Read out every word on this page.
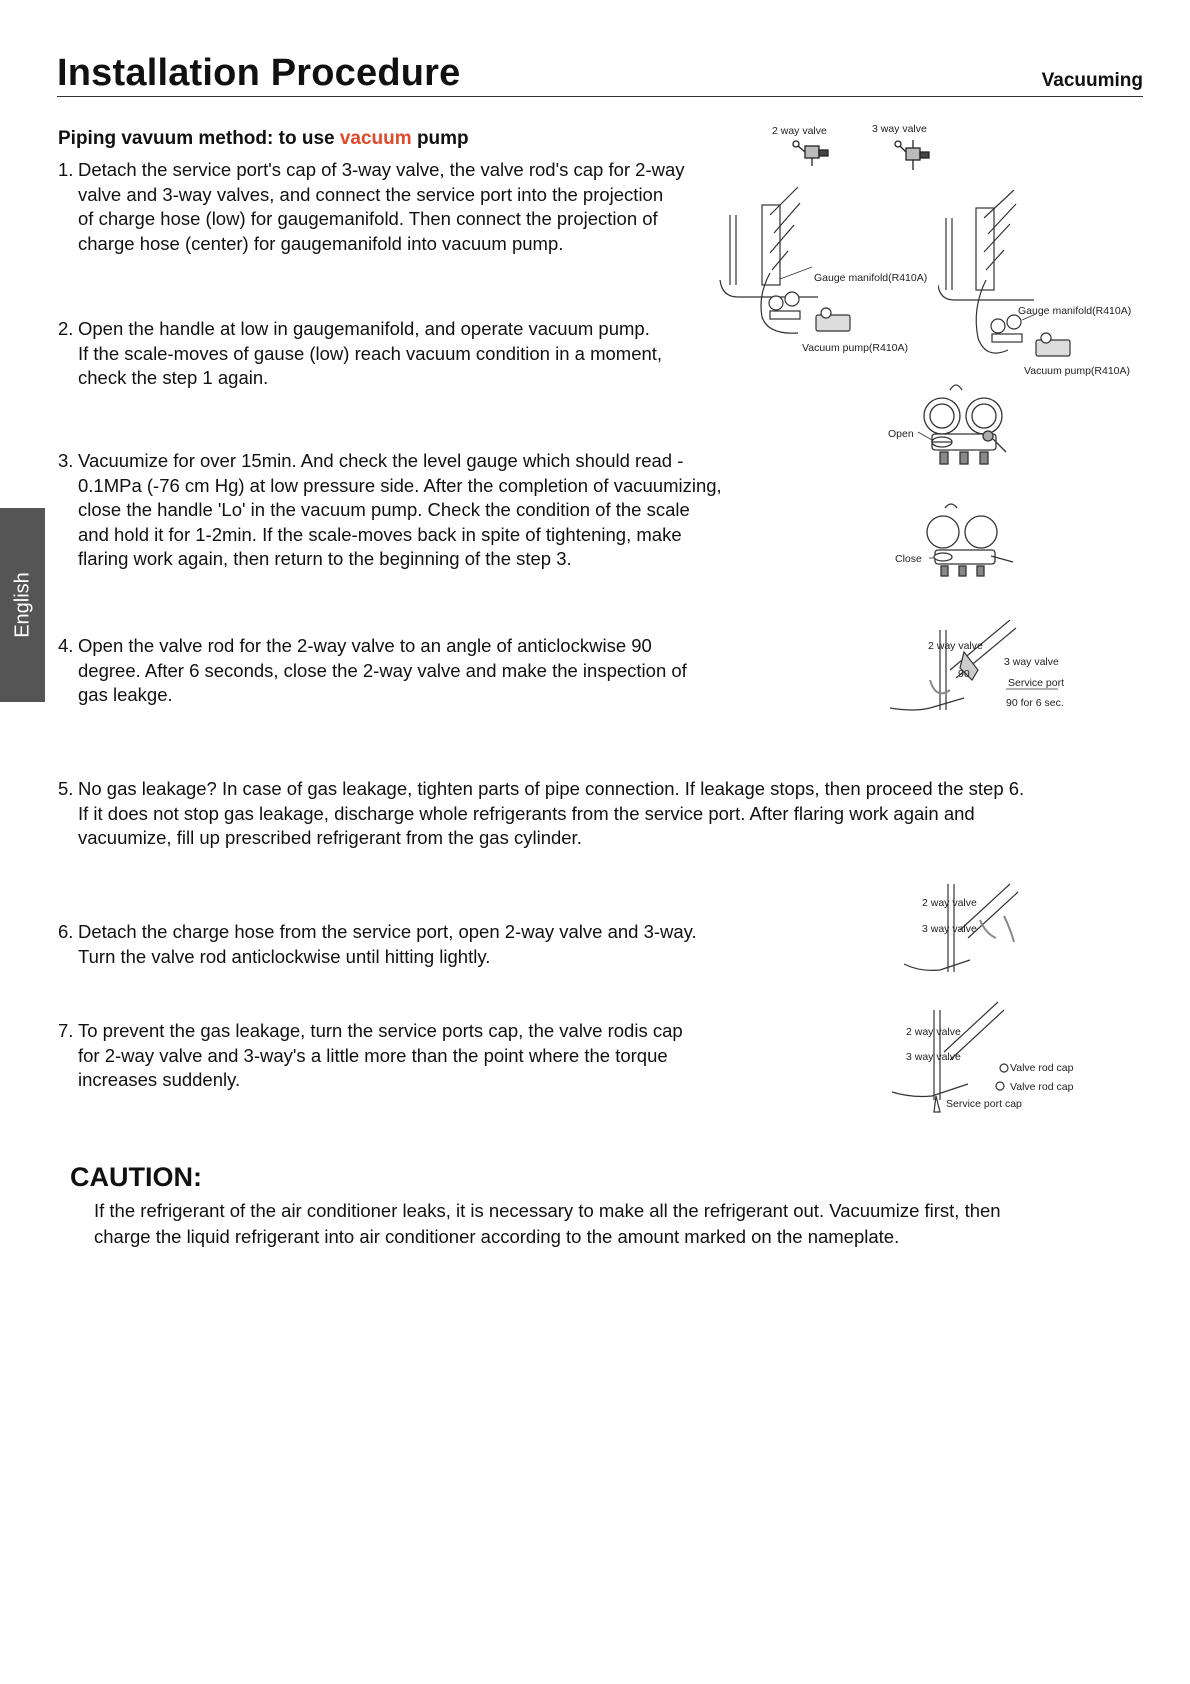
Installation Procedure	Vacuuming
English
Piping vavuum method: to use vacuum pump
1. Detach the service port's cap of 3-way valve, the valve rod's cap for 2-way
valve and 3-way valves, and connect the service port into the projection
of charge hose (low) for gaugemanifold. Then connect the projection of
charge hose (center) for gaugemanifold into vacuum pump.
2. Open the handle at low in gaugemanifold, and operate vacuum pump.
If the scale-moves of gause (low) reach vacuum condition in a moment,
check the step 1 again.
3. Vacuumize for over 15min. And check the level gauge which should read -
0.1MPa (-76 cm Hg) at low pressure side. After the completion of vacuumizing,
close the handle 'Lo' in the vacuum pump. Check the condition of the scale
and hold it for 1-2min. If the scale-moves back in spite of tightening, make
flaring work again, then return to the beginning of the step 3.
4. Open the valve rod for the 2-way valve to an angle of anticlockwise 90
degree. After 6 seconds, close the 2-way valve and make the inspection of
gas leakge.
5. No gas leakage? In case of gas leakage, tighten parts of pipe connection. If leakage stops, then proceed the step 6.
If it does not stop gas leakage, discharge whole refrigerants from the service port. After flaring work again and
vacuumize, fill up prescribed refrigerant from the gas cylinder.
6. Detach the charge hose from the service port, open 2-way valve and 3-way.
Turn the valve rod anticlockwise until hitting lightly.
7. To prevent the gas leakage, turn the service ports cap, the valve rodis cap
for 2-way valve and 3-way's a little more than the point where the torque
increases suddenly.
CAUTION:
If the refrigerant of the air conditioner leaks, it is necessary to make all the refrigerant out. Vacuumize first, then
charge the liquid refrigerant into air conditioner according to the amount marked on the nameplate.
2 way valve	3 way valve
Gauge manifold(R410A)
Vacuum pump(R410A)
Gauge manifold(R410A)
Vacuum pump(R410A)
Open
Close
2 way valve
3 way valve
90
Service port
90 for 6 sec.
2 way valve
3 way valve
2 way valve
3 way valve
Valve rod cap
Valve rod cap
Service port cap
